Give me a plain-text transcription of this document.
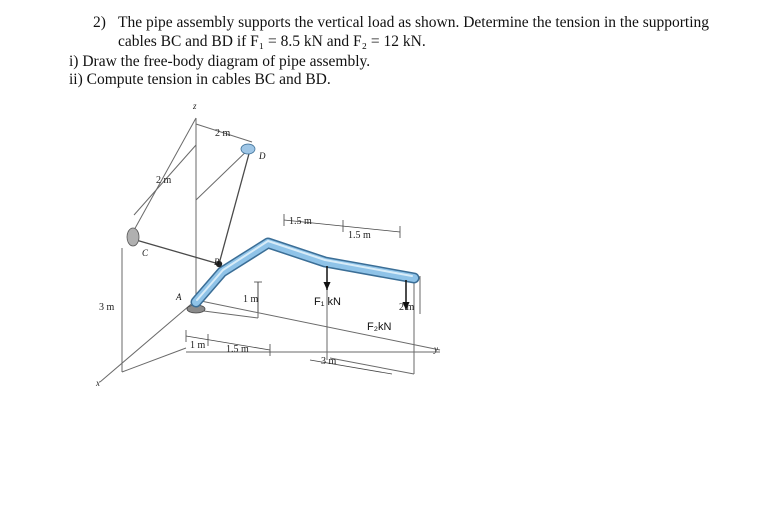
2) The pipe assembly supports the vertical load as shown. Determine the tension in the supporting
cables BC and BD if F₁ = 8.5 kN and F₂ = 12 kN.
i) Draw the free-body diagram of pipe assembly.
ii) Compute tension in cables BC and BD.
z
y
x
D
C
B
A
2 m
2 m
3 m
1.5 m
1.5 m
1 m
1 m 1.5 m
3 m
2 m
F₁ kN
F₂kN
